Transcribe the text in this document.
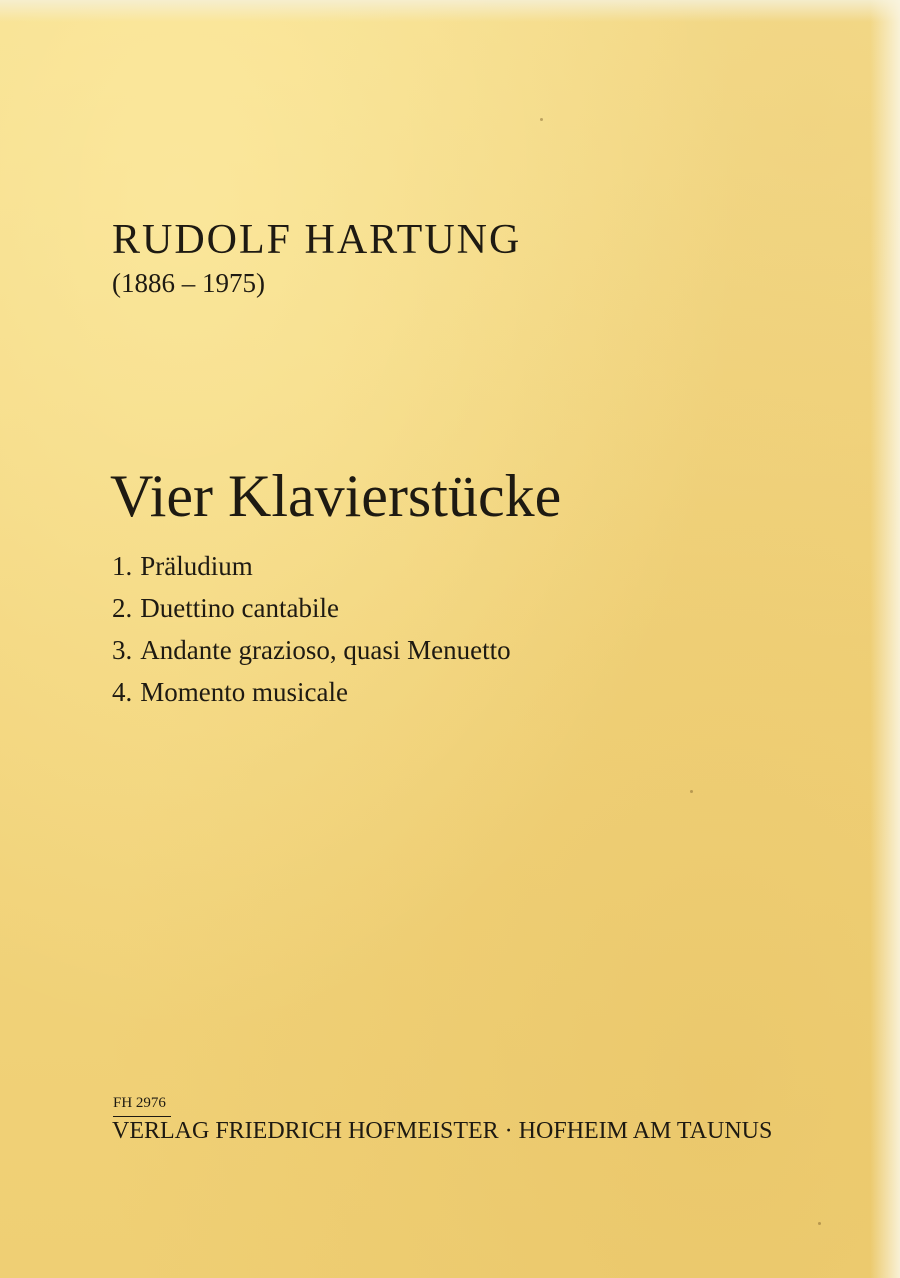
RUDOLF HARTUNG
(1886 – 1975)
Vier Klavierstücke
1. Präludium
2. Duettino cantabile
3. Andante grazioso, quasi Menuetto
4. Momento musicale
FH 2976
VERLAG FRIEDRICH HOFMEISTER · HOFHEIM AM TAUNUS
